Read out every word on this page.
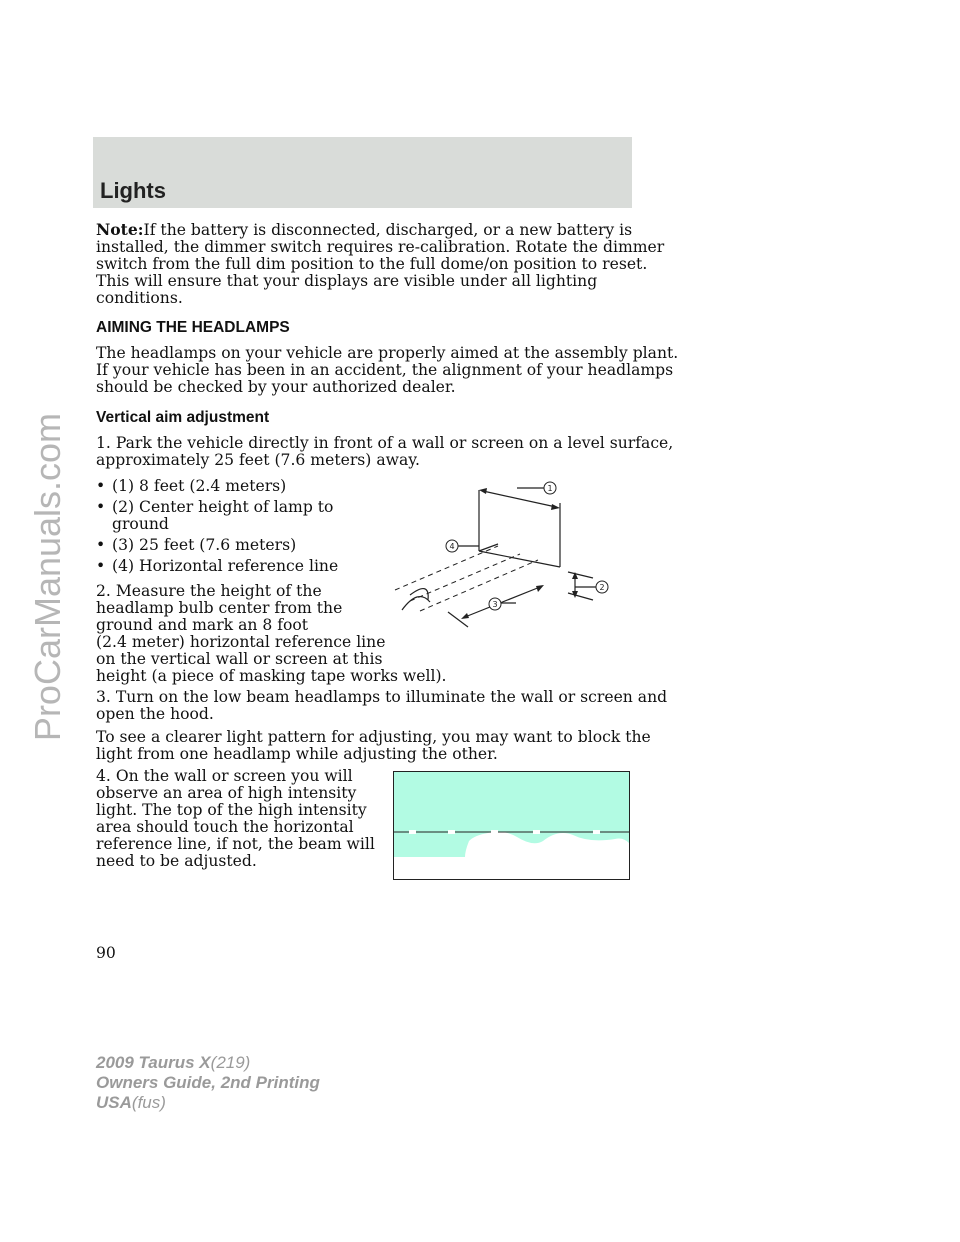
Lights
ProCarManuals.com
Note:If the battery is disconnected, discharged, or a new battery is
installed, the dimmer switch requires re-calibration. Rotate the dimmer
switch from the full dim position to the full dome/on position to reset.
This will ensure that your displays are visible under all lighting
conditions.
AIMING THE HEADLAMPS
The headlamps on your vehicle are properly aimed at the assembly plant.
If your vehicle has been in an accident, the alignment of your headlamps
should be checked by your authorized dealer.
Vertical aim adjustment
1. Park the vehicle directly in front of a wall or screen on a level surface,
approximately 25 feet (7.6 meters) away.
• (1) 8 feet (2.4 meters)
• (2) Center height of lamp to
ground
• (3) 25 feet (7.6 meters)
• (4) Horizontal reference line
2. Measure the height of the
headlamp bulb center from the
ground and mark an 8 foot
(2.4 meter) horizontal reference line
on the vertical wall or screen at this
height (a piece of masking tape works well).
3. Turn on the low beam headlamps to illuminate the wall or screen and
open the hood.
To see a clearer light pattern for adjusting, you may want to block the
light from one headlamp while adjusting the other.
4. On the wall or screen you will
observe an area of high intensity
light. The top of the high intensity
area should touch the horizontal
reference line, if not, the beam will
need to be adjusted.
1
4
2
3
90
2009 Taurus X(219)
Owners Guide, 2nd Printing
USA(fus)
